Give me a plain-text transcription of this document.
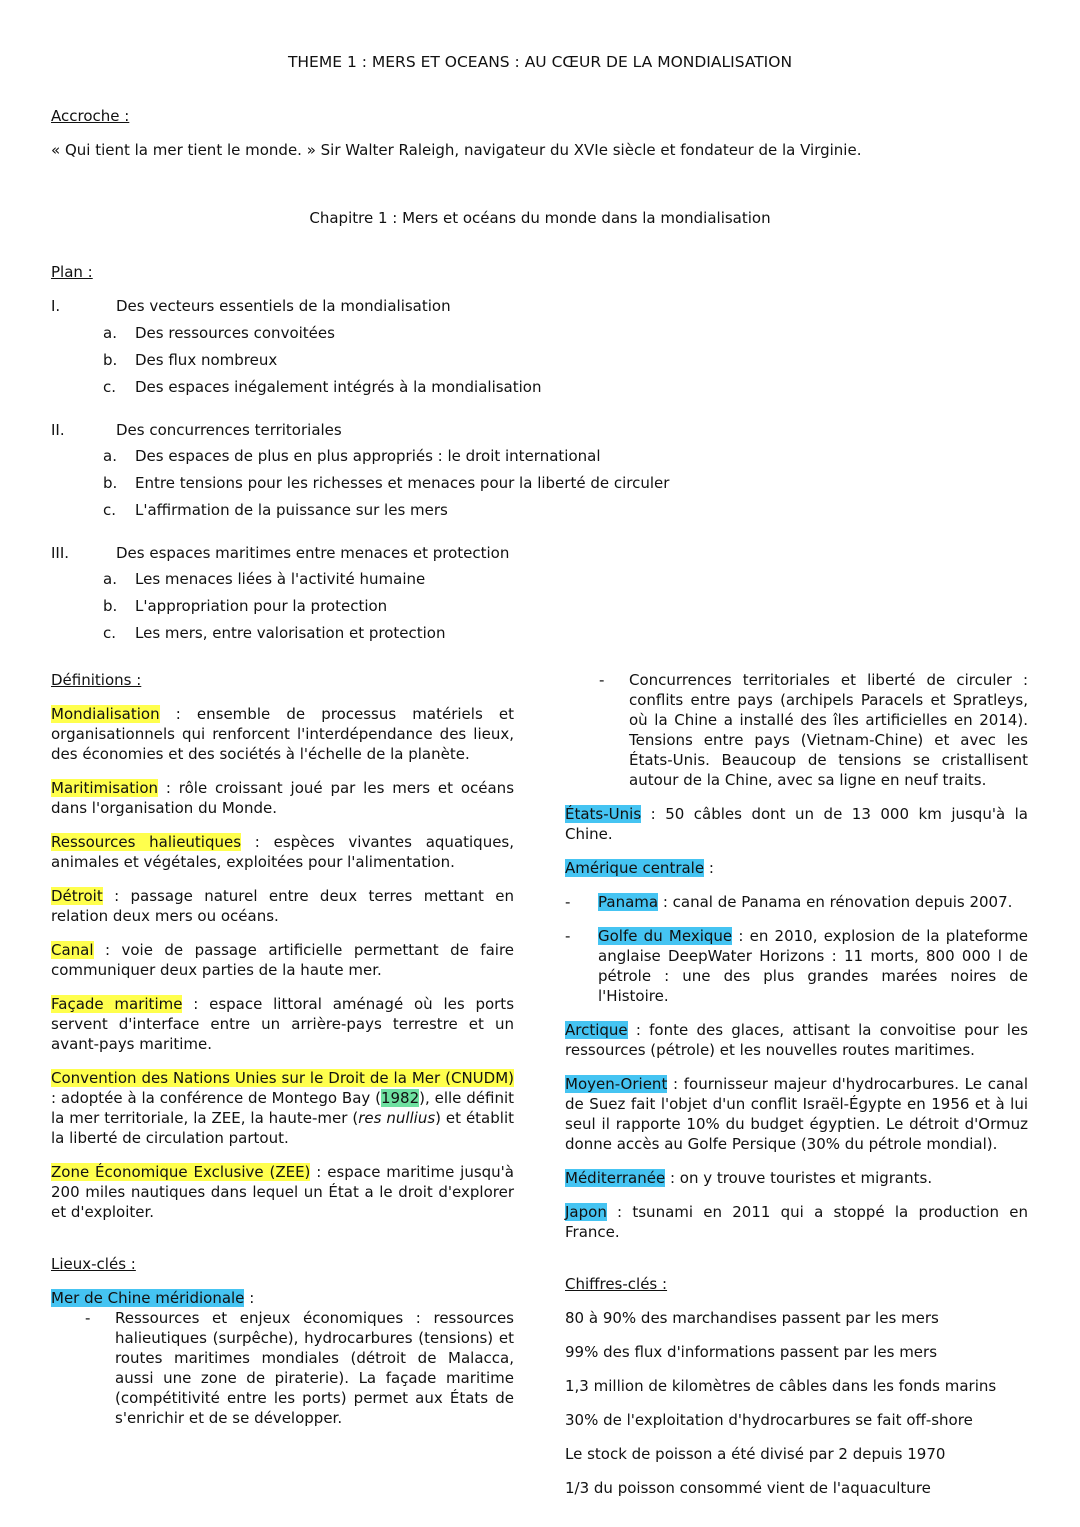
THEME 1 : MERS ET OCEANS : AU CŒUR DE LA MONDIALISATION
Accroche :
« Qui tient la mer tient le monde. » Sir Walter Raleigh, navigateur du XVIe siècle et fondateur de la Virginie.
Chapitre 1 : Mers et océans du monde dans la mondialisation
Plan :
I.	Des vecteurs essentiels de la mondialisation
a. Des ressources convoitées
b. Des flux nombreux
c. Des espaces inégalement intégrés à la mondialisation
II.	Des concurrences territoriales
a. Des espaces de plus en plus appropriés : le droit international
b. Entre tensions pour les richesses et menaces pour la liberté de circuler
c. L'affirmation de la puissance sur les mers
III.	Des espaces maritimes entre menaces et protection
a. Les menaces liées à l'activité humaine
b. L'appropriation pour la protection
c. Les mers, entre valorisation et protection
Définitions :

Mondialisation : ensemble de processus matériels et organisationnels qui renforcent l'interdépendance des lieux, des économies et des sociétés à l'échelle de la planète.

Maritimisation : rôle croissant joué par les mers et océans dans l'organisation du Monde.

Ressources halieutiques : espèces vivantes aquatiques, animales et végétales, exploitées pour l'alimentation.

Détroit : passage naturel entre deux terres mettant en relation deux mers ou océans.

Canal : voie de passage artificielle permettant de faire communiquer deux parties de la haute mer.

Façade maritime : espace littoral aménagé où les ports servent d'interface entre un arrière-pays terrestre et un avant-pays maritime.

Convention des Nations Unies sur le Droit de la Mer (CNUDM) : adoptée à la conférence de Montego Bay (1982), elle définit la mer territoriale, la ZEE, la haute-mer (res nullius) et établit la liberté de circulation partout.

Zone Économique Exclusive (ZEE) : espace maritime jusqu'à 200 miles nautiques dans lequel un État a le droit d'explorer et d'exploiter.

Lieux-clés :
Mer de Chine méridionale :
- Ressources et enjeux économiques : ressources halieutiques (surpêche), hydrocarbures (tensions) et routes maritimes mondiales (détroit de Malacca, aussi une zone de piraterie). La façade maritime (compétitivité entre les ports) permet aux États de s'enrichir et de se développer.
- Concurrences territoriales et liberté de circuler : conflits entre pays (archipels Paracels et Spratleys, où la Chine a installé des îles artificielles en 2014). Tensions entre pays (Vietnam-Chine) et avec les États-Unis. Beaucoup de tensions se cristallisent autour de la Chine, avec sa ligne en neuf traits.

États-Unis : 50 câbles dont un de 13 000 km jusqu'à la Chine.

Amérique centrale :

- Panama : canal de Panama en rénovation depuis 2007.
- Golfe du Mexique : en 2010, explosion de la plateforme anglaise DeepWater Horizons : 11 morts, 800 000 l de pétrole : une des plus grandes marées noires de l'Histoire.

Arctique : fonte des glaces, attisant la convoitise pour les ressources (pétrole) et les nouvelles routes maritimes.

Moyen-Orient : fournisseur majeur d'hydrocarbures. Le canal de Suez fait l'objet d'un conflit Israël-Égypte en 1956 et à lui seul il rapporte 10% du budget égyptien. Le détroit d'Ormuz donne accès au Golfe Persique (30% du pétrole mondial).

Méditerranée : on y trouve touristes et migrants.

Japon : tsunami en 2011 qui a stoppé la production en France.

Chiffres-clés :
80 à 90% des marchandises passent par les mers
99% des flux d'informations passent par les mers
1,3 million de kilomètres de câbles dans les fonds marins
30% de l'exploitation d'hydrocarbures se fait off-shore
Le stock de poisson a été divisé par 2 depuis 1970
1/3 du poisson consommé vient de l'aquaculture
